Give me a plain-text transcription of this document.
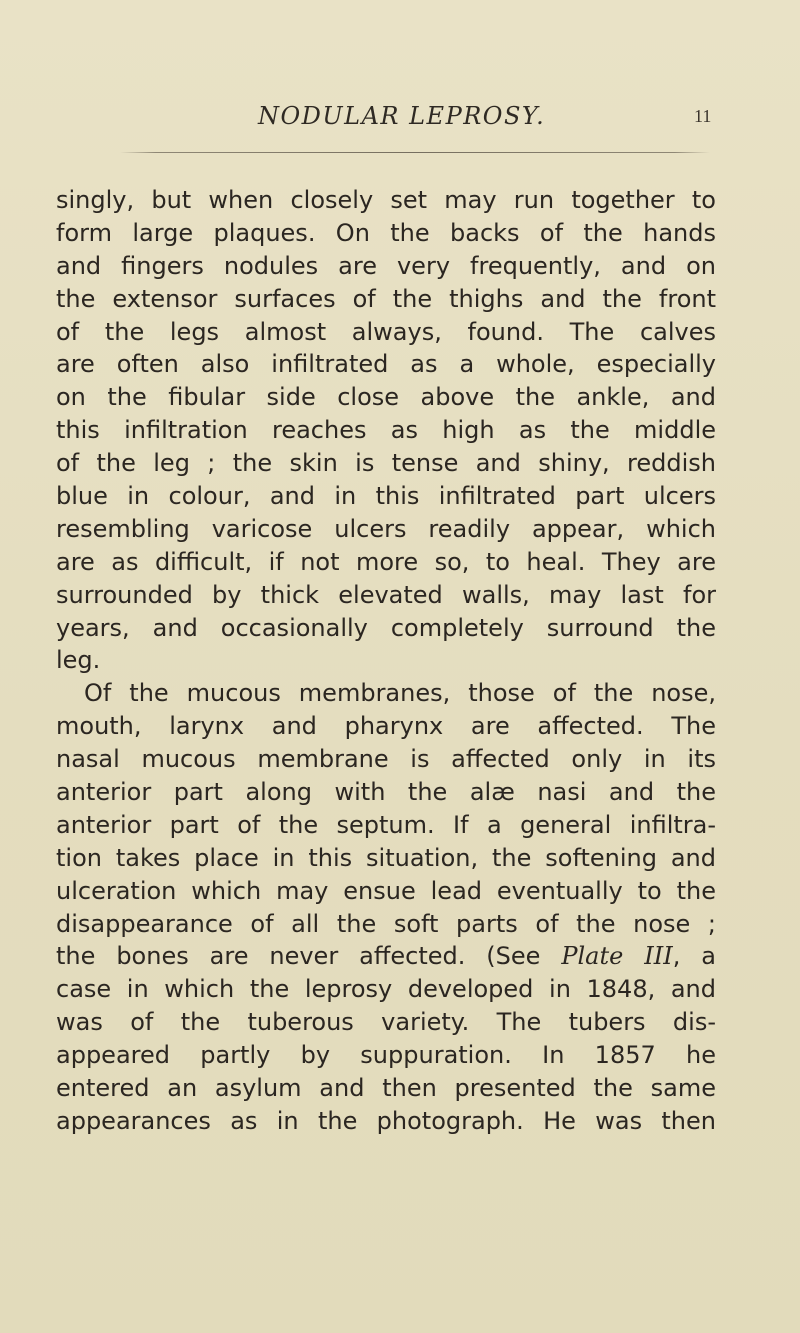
NODULAR LEPROSY.	11
singly, but when closely set may run together to
form large plaques. On the backs of the hands
and fingers nodules are very frequently, and on
the extensor surfaces of the thighs and the front
of the legs almost always, found. The calves
are often also infiltrated as a whole, especially
on the fibular side close above the ankle, and
this infiltration reaches as high as the middle
of the leg ; the skin is tense and shiny, reddish
blue in colour, and in this infiltrated part ulcers
resembling varicose ulcers readily appear, which
are as difficult, if not more so, to heal. They are
surrounded by thick elevated walls, may last for
years, and occasionally completely surround the
leg.
Of the mucous membranes, those of the nose,
mouth, larynx and pharynx are affected. The
nasal mucous membrane is affected only in its
anterior part along with the alæ nasi and the
anterior part of the septum. If a general infiltra-
tion takes place in this situation, the softening and
ulceration which may ensue lead eventually to the
disappearance of all the soft parts of the nose ;
the bones are never affected. (See Plate III, a
case in which the leprosy developed in 1848, and
was of the tuberous variety. The tubers dis-
appeared partly by suppuration. In 1857 he
entered an asylum and then presented the same
appearances as in the photograph. He was then
